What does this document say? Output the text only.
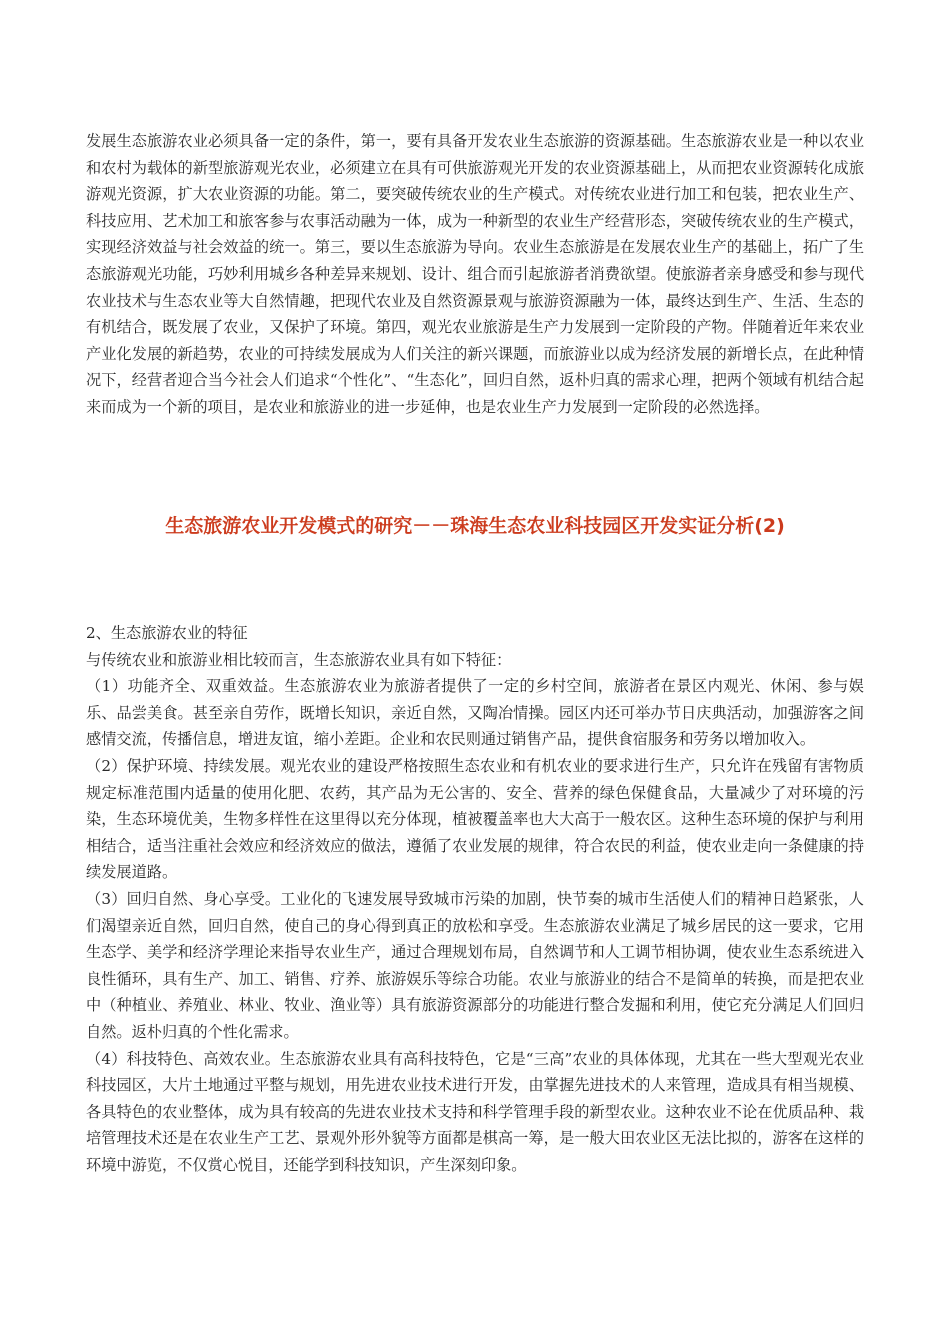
发展生态旅游农业必须具备一定的条件，第一，要有具备开发农业生态旅游的资源基础。生态旅游农业是一种以农业和农村为载体的新型旅游观光农业，必须建立在具有可供旅游观光开发的农业资源基础上，从而把农业资源转化成旅游观光资源，扩大农业资源的功能。第二，要突破传统农业的生产模式。对传统农业进行加工和包装，把农业生产、科技应用、艺术加工和旅客参与农事活动融为一体，成为一种新型的农业生产经营形态，突破传统农业的生产模式，实现经济效益与社会效益的统一。第三，要以生态旅游为导向。农业生态旅游是在发展农业生产的基础上，拓广了生态旅游观光功能，巧妙利用城乡各种差异来规划、设计、组合而引起旅游者消费欲望。使旅游者亲身感受和参与现代农业技术与生态农业等大自然情趣，把现代农业及自然资源景观与旅游资源融为一体，最终达到生产、生活、生态的有机结合，既发展了农业，又保护了环境。第四，观光农业旅游是生产力发展到一定阶段的产物。伴随着近年来农业产业化发展的新趋势，农业的可持续发展成为人们关注的新兴课题，而旅游业以成为经济发展的新增长点，在此种情况下，经营者迎合当今社会人们追求“个性化”、“生态化”，回归自然，返朴归真的需求心理，把两个领域有机结合起来而成为一个新的项目，是农业和旅游业的进一步延伸，也是农业生产力发展到一定阶段的必然选择。

生态旅游农业开发模式的研究－－珠海生态农业科技园区开发实证分析(2)

2、生态旅游农业的特征

与传统农业和旅游业相比较而言，生态旅游农业具有如下特征：

（1）功能齐全、双重效益。生态旅游农业为旅游者提供了一定的乡村空间，旅游者在景区内观光、休闲、参与娱乐、品尝美食。甚至亲自劳作，既增长知识，亲近自然，又陶冶情操。园区内还可举办节日庆典活动，加强游客之间感情交流，传播信息，增进友谊，缩小差距。企业和农民则通过销售产品，提供食宿服务和劳务以增加收入。

（2）保护环境、持续发展。观光农业的建设严格按照生态农业和有机农业的要求进行生产，只允许在残留有害物质规定标准范围内适量的使用化肥、农药，其产品为无公害的、安全、营养的绿色保健食品，大量减少了对环境的污染，生态环境优美，生物多样性在这里得以充分体现，植被覆盖率也大大高于一般农区。这种生态环境的保护与利用相结合，适当注重社会效应和经济效应的做法，遵循了农业发展的规律，符合农民的利益，使农业走向一条健康的持续发展道路。

（3）回归自然、身心享受。工业化的飞速发展导致城市污染的加剧，快节奏的城市生活使人们的精神日趋紧张，人们渴望亲近自然，回归自然，使自己的身心得到真正的放松和享受。生态旅游农业满足了城乡居民的这一要求，它用生态学、美学和经济学理论来指导农业生产，通过合理规划布局，自然调节和人工调节相协调，使农业生态系统进入良性循环，具有生产、加工、销售、疗养、旅游娱乐等综合功能。农业与旅游业的结合不是简单的转换，而是把农业中（种植业、养殖业、林业、牧业、渔业等）具有旅游资源部分的功能进行整合发掘和利用，使它充分满足人们回归自然。返朴归真的个性化需求。

（4）科技特色、高效农业。生态旅游农业具有高科技特色，它是“三高”农业的具体体现，尤其在一些大型观光农业科技园区，大片土地通过平整与规划，用先进农业技术进行开发，由掌握先进技术的人来管理，造成具有相当规模、各具特色的农业整体，成为具有较高的先进农业技术支持和科学管理手段的新型农业。这种农业不论在优质品种、栽培管理技术还是在农业生产工艺、景观外形外貌等方面都是棋高一筹，是一般大田农业区无法比拟的，游客在这样的环境中游览，不仅赏心悦目，还能学到科技知识，产生深刻印象。
